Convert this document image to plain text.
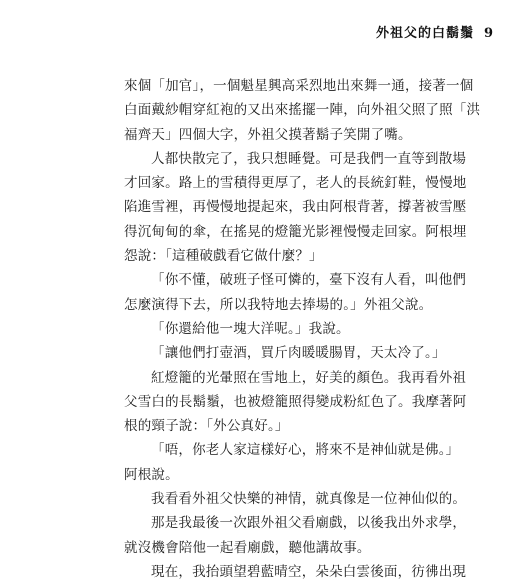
外祖父的白鬍鬚 9
來個「加官」，一個魁星興高采烈地出來舞一通，接著一個
白面戴紗帽穿紅袍的又出來搖擺一陣，向外祖父照了照「洪
福齊天」四個大字，外祖父摸著鬍子笑開了嘴。
人都快散完了，我只想睡覺。可是我們一直等到散場
才回家。路上的雪積得更厚了，老人的長統釘鞋，慢慢地
陷進雪裡，再慢慢地提起來，我由阿根背著，撐著被雪壓
得沉甸甸的傘，在搖晃的燈籠光影裡慢慢走回家。阿根埋
怨說：「這種破戲看它做什麼？」
「你不懂，破班子怪可憐的，臺下沒有人看，叫他們
怎麼演得下去，所以我特地去捧場的。」外祖父說。
「你還給他一塊大洋呢。」我說。
「讓他們打壺酒，買斤肉暖暖腸胃，天太冷了。」
紅燈籠的光暈照在雪地上，好美的顏色。我再看外祖
父雪白的長鬍鬚，也被燈籠照得變成粉紅色了。我摩著阿
根的頸子說：「外公真好。」
「唔，你老人家這樣好心，將來不是神仙就是佛。」
阿根說。
我看看外祖父快樂的神情，就真像是一位神仙似的。
那是我最後一次跟外祖父看廟戲，以後我出外求學，
就沒機會陪他一起看廟戲，聽他講故事。
現在，我抬頭望碧藍晴空，朵朵白雲後面，彷彿出現
